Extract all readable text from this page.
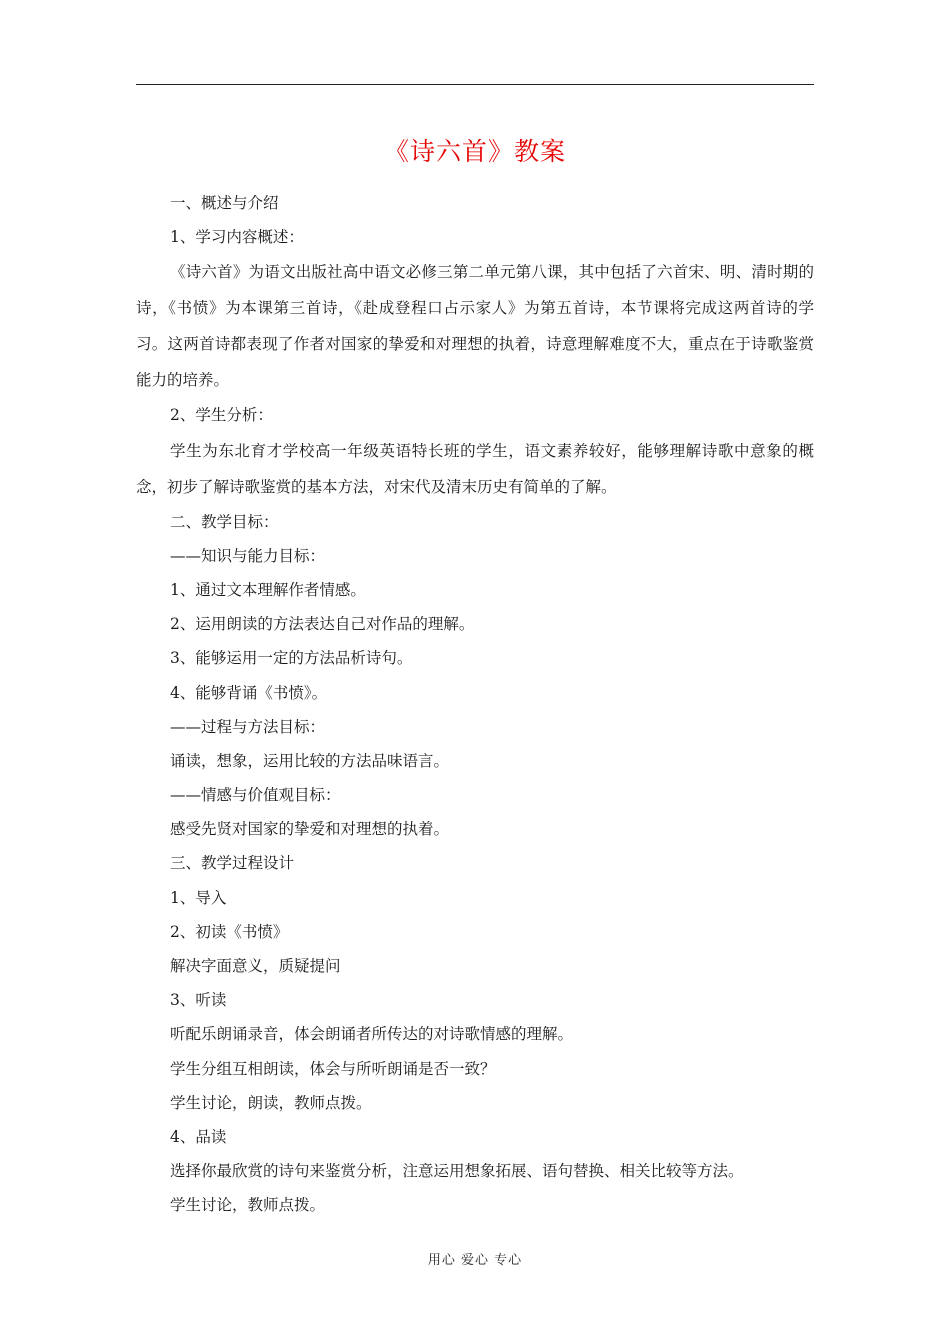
《诗六首》教案
一、概述与介绍
1、学习内容概述：

《诗六首》为语文出版社高中语文必修三第二单元第八课，其中包括了六首宋、明、清时期的诗，《书愤》为本课第三首诗，《赴成登程口占示家人》为第五首诗，本节课将完成这两首诗的学习。这两首诗都表现了作者对国家的挚爱和对理想的执着，诗意理解难度不大，重点在于诗歌鉴赏能力的培养。

2、学生分析：

学生为东北育才学校高一年级英语特长班的学生，语文素养较好，能够理解诗歌中意象的概念，初步了解诗歌鉴赏的基本方法，对宋代及清末历史有简单的了解。

二、教学目标：
——知识与能力目标：
1、通过文本理解作者情感。
2、运用朗读的方法表达自己对作品的理解。
3、能够运用一定的方法品析诗句。
4、能够背诵《书愤》。
——过程与方法目标：
诵读，想象，运用比较的方法品味语言。
——情感与价值观目标：
感受先贤对国家的挚爱和对理想的执着。
三、教学过程设计
1、导入
2、初读《书愤》
解决字面意义，质疑提问
3、听读
听配乐朗诵录音，体会朗诵者所传达的对诗歌情感的理解。
学生分组互相朗读，体会与所听朗诵是否一致？
学生讨论，朗读，教师点拨。
4、品读
选择你最欣赏的诗句来鉴赏分析，注意运用想象拓展、语句替换、相关比较等方法。
学生讨论，教师点拨。
用心 爱心 专心
